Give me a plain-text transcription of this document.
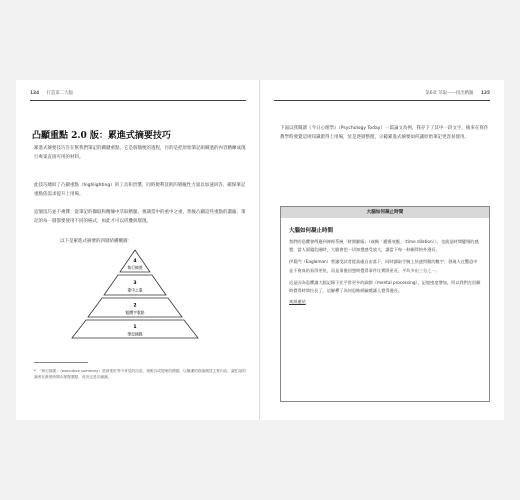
134 打造第二大腦
凸顯重點 2.0 版：累進式摘要技巧

累進式摘要技巧旨在幫我們筆記的關鍵重點，它是個簡便的過程，目的是把原始筆記組織過的內容精練成現行專案直接可用的材料。

此技巧總結了凸顯重點（highlighting）的工具和習慣，同時便利技術的層級性力量以加速回答，確保筆記重點依需求提升上用場。

這個技巧並不複雜：從筆記的擷取和精煉中萃取精髓，強調當中的重中之重，然後凸顯這些重點的濃縮，筆記的每一層都要使用不同的格式，如此才可以折疊與層現。

以下是累進式摘要的四層結構概圖：
4
執行摘要
3
重中之重
2
粗體字重點
1
筆記摘錄

* 「執行摘要」（executive summary）是商業世界中常見的用語，指報告或提案的開端，以簡潔的段落概述主要內容，讓忙碌的讀者在最短時間內掌握重點，再決定是否細讀。

第6章 萃取——找出精髓 135

下面以我閱讀《今日心理學》（Psychology Today）一篇論文為例，我存下了其中一段文字，後來在寫作教學時發覺這則知識派得上用場，於是逐層整理，示範累進式摘要如何讓原始筆記更容易使用。

大腦如何凝止時間
大腦如何凝止時間

我們的恐懼會傳遞到神經系統「時間膨脹」（或稱「緩慢效應」（time dilation）），也就是時間變慢的感覺。當人面臨危險時，大腦會把一切知覺感受放大，讓當下每一秒顯得格外漫長。

伊葛門（Eagleman）曾讓受試者從高處自由落下，同時讀取手腕上快速閃動的數字，發現人在驚恐中並不會真的看得更快，而是事後回想時覺得事件比實際更長，平均多出三分之一。

這是因為恐懼讓大腦記錄下比平常更多的細節（mental processing），記憶密度增加，所以我們在回顧時覺得時間拉長了，這解釋了為何恐怖經驗總讓人覺得漫長。

來源連結
